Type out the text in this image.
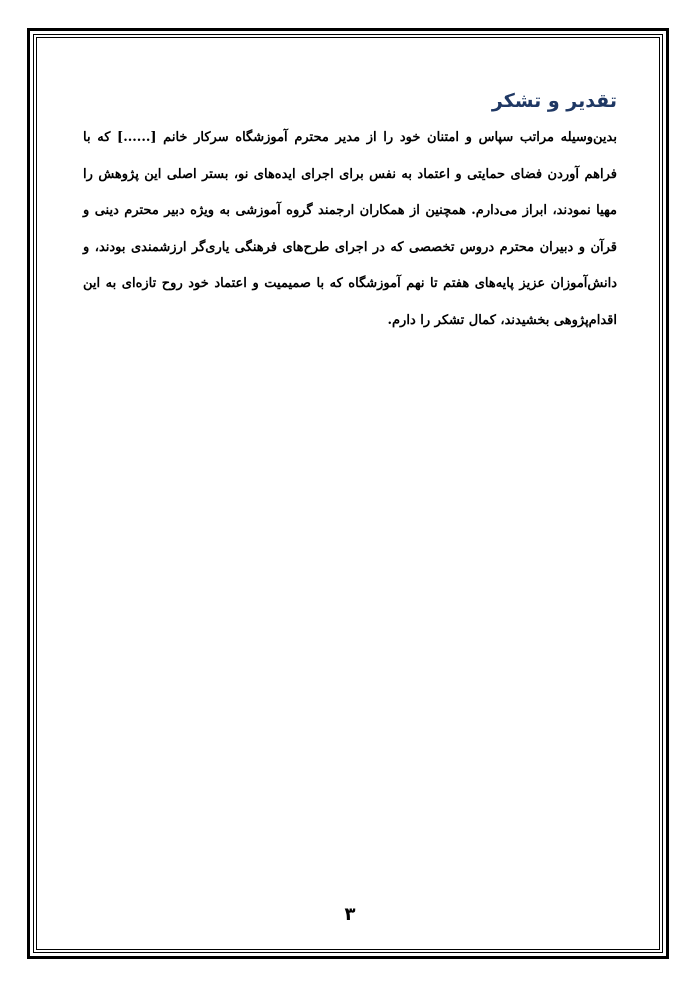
تقدیر و تشکر

بدین‌وسیله مراتب سپاس و امتنان خود را از مدیر محترم آموزشگاه سرکار خانم [......] که با فراهم آوردن فضای حمایتی و اعتماد به نفس برای اجرای ایده‌های نو، بستر اصلی این پژوهش را مهیا نمودند، ابراز می‌دارم. همچنین از همکاران ارجمند گروه آموزشی به ویژه دبیر محترم دینی و قرآن و دبیران محترم دروس تخصصی که در اجرای طرح‌های فرهنگی یاری‌گر ارزشمندی بودند، و دانش‌آموزان عزیز پایه‌های هفتم تا نهم آموزشگاه که با صمیمیت و اعتماد خود روح تازه‌ای به این اقدام‌پژوهی بخشیدند، کمال تشکر را دارم.

۳
